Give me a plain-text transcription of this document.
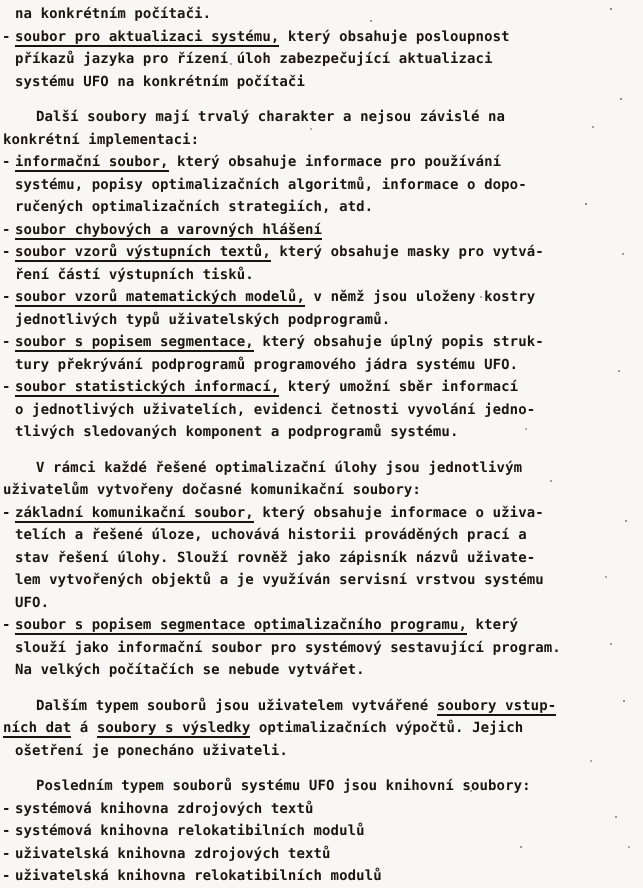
na konkrétním počítači.
- soubor pro aktualizaci systému, který obsahuje posloupnost
příkazů jazyka pro řízení úloh zabezpečující aktualizaci
systému UFO na konkrétním počítači
Další soubory mají trvalý charakter a nejsou závislé na
konkrétní implementaci:
- informační soubor, který obsahuje informace pro používání
systému, popisy optimalizačních algoritmů, informace o dopo-
ručených optimalizačních strategiích, atd.
- soubor chybových a varovných hlášení
- soubor vzorů výstupních textů, který obsahuje masky pro vytvá-
ření částí výstupních tisků.
- soubor vzorů matematických modelů, v němž jsou uloženy kostry
jednotlivých typů uživatelských podprogramů.
- soubor s popisem segmentace, který obsahuje úplný popis struk-
tury překrývání podprogramů programového jádra systému UFO.
- soubor statistických informací, který umožní sběr informací
o jednotlivých uživatelích, evidenci četnosti vyvolání jedno-
tlivých sledovaných komponent a podprogramů systému.
V rámci každé řešené optimalizační úlohy jsou jednotlivým
uživatelům vytvořeny dočasné komunikační soubory:
- základní komunikační soubor, který obsahuje informace o uživa-
telích a řešené úloze, uchovává historii prováděných prací a
stav řešení úlohy. Slouží rovněž jako zápisník názvů uživate-
lem vytvořených objektů a je využíván servisní vrstvou systému
UFO.
- soubor s popisem segmentace optimalizačního programu, který
slouží jako informační soubor pro systémový sestavující program.
Na velkých počítačích se nebude vytvářet.
Dalším typem souborů jsou uživatelem vytvářené soubory vstup-
ních dat á soubory s výsledky optimalizačních výpočtů. Jejich
ošetření je ponecháno uživateli.
Posledním typem souborů systému UFO jsou knihovní soubory:
- systémová knihovna zdrojových textů
- systémová knihovna relokatibilních modulů
- uživatelská knihovna zdrojových textů
- uživatelská knihovna relokatibilních modulů
